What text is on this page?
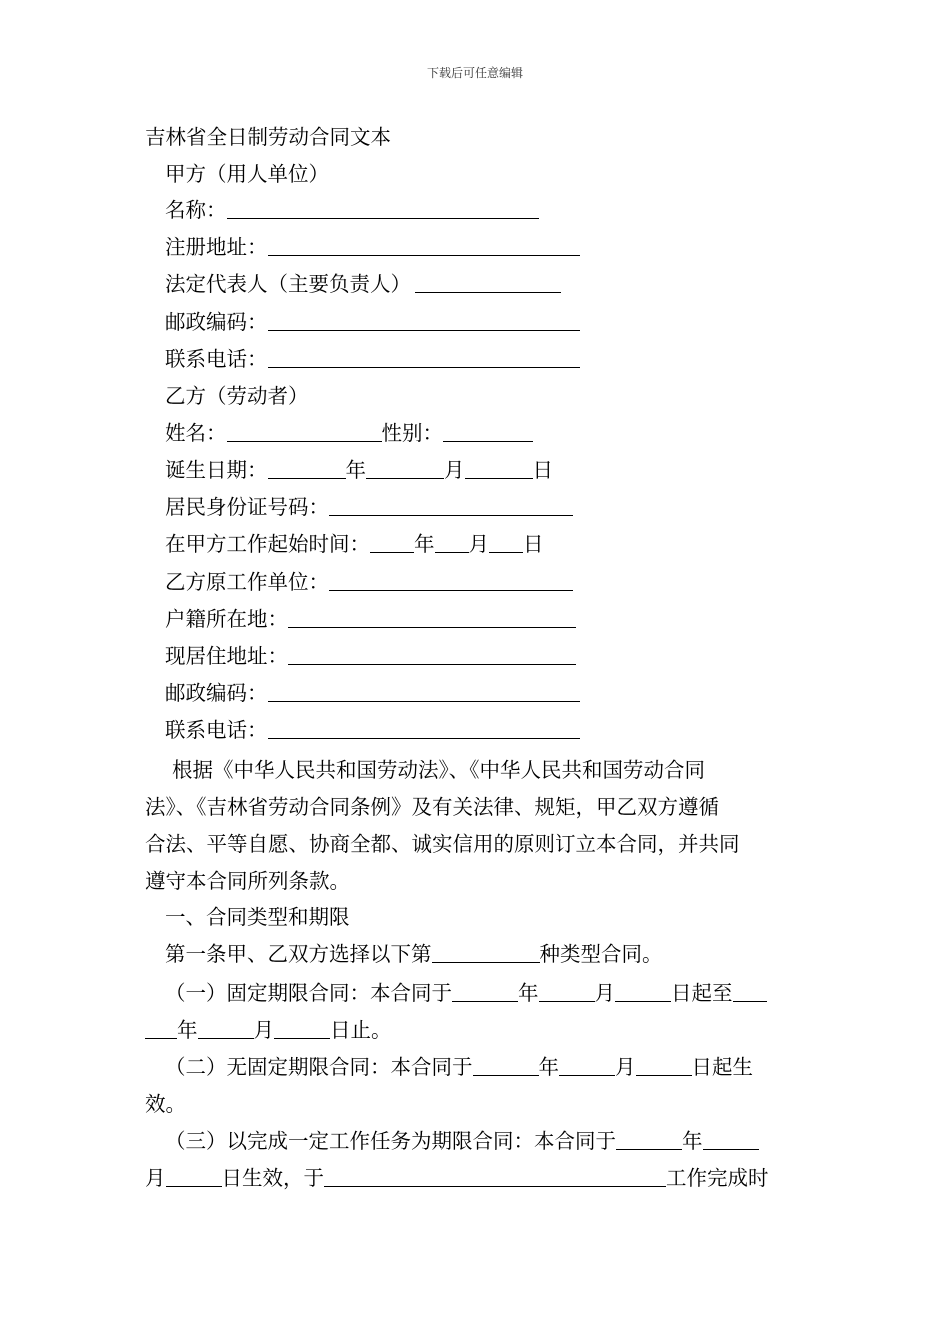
下载后可任意编辑
吉林省全日制劳动合同文本
甲方（用人单位）
名称：
注册地址：
法定代表人（主要负责人）
邮政编码：
联系电话：
乙方（劳动者）
姓名：	性别：
诞生日期：	年	月	日
居民身份证号码：
在甲方工作起始时间： 年 月 日
乙方原工作单位：
户籍所在地：
现居住地址：
邮政编码：
联系电话：
根据《中华人民共和国劳动法》、《中华人民共和国劳动合同
法》、《吉林省劳动合同条例》及有关法律、规矩，甲乙双方遵循
合法、平等自愿、协商全都、诚实信用的原则订立本合同，并共同
遵守本合同所列条款。
一、合同类型和期限
第一条甲、乙双方选择以下第	种类型合同。
（一）固定期限合同：本合同于	年	月	日起至
年	月	日止。
（二）无固定期限合同：本合同于	年	月	日起生
效。
（三）以完成一定工作任务为期限合同：本合同于	年
月	日生效，于	工作完成时
